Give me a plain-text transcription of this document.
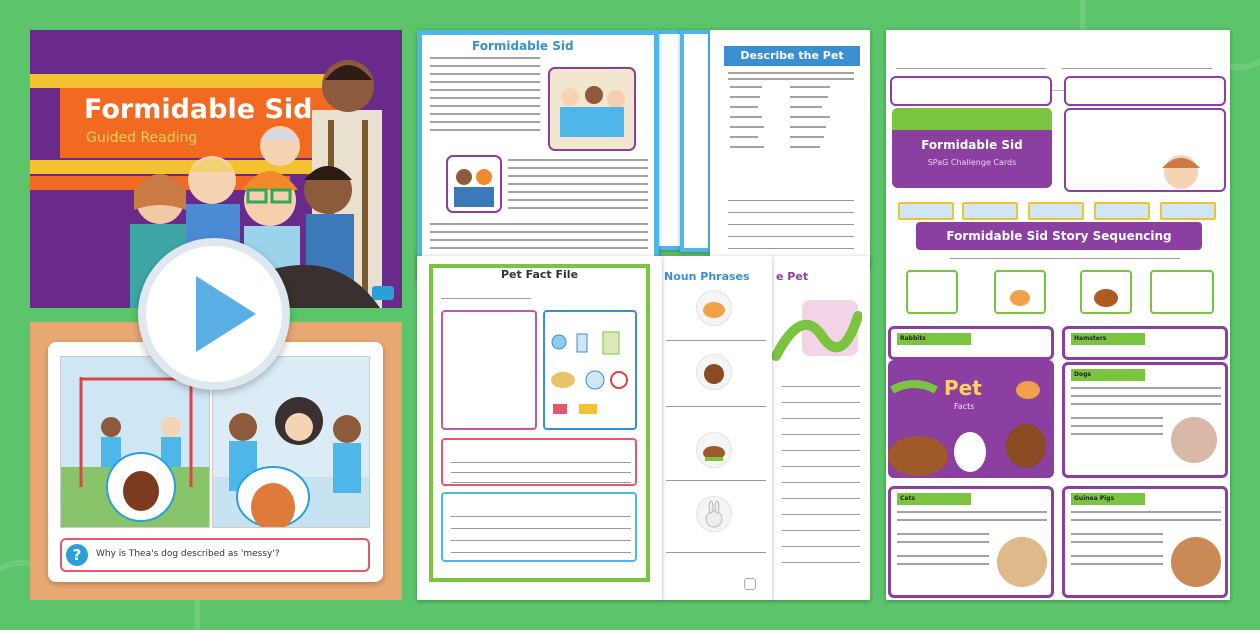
Formidable Sid
Guided Reading
?	Why is Thea's dog described as 'messy'?
Formidable Sid
Describe the Pet
e Pet
Noun Phrases
Pet Fact File
Formidable Sid
SPaG Challenge Cards
Formidable Sid Story Sequencing
Rabbits	Hamsters
Pet
Facts
Dogs
Cats	Guinea Pigs
